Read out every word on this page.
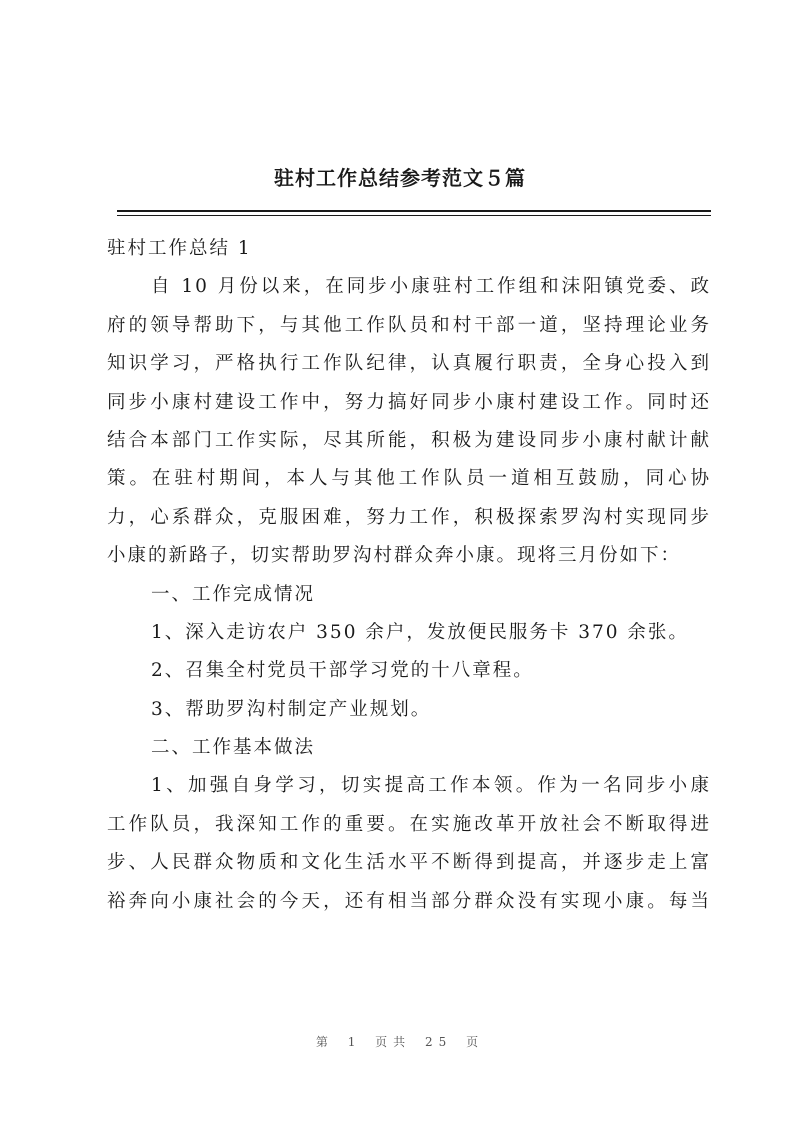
驻村工作总结参考范文５篇
驻村工作总结 1
自 10 月份以来，在同步小康驻村工作组和沫阳镇党委、政
府的领导帮助下，与其他工作队员和村干部一道，坚持理论业务
知识学习，严格执行工作队纪律，认真履行职责，全身心投入到
同步小康村建设工作中，努力搞好同步小康村建设工作。同时还
结合本部门工作实际，尽其所能，积极为建设同步小康村献计献
策。在驻村期间，本人与其他工作队员一道相互鼓励，同心协
力，心系群众，克服困难，努力工作，积极探索罗沟村实现同步
小康的新路子，切实帮助罗沟村群众奔小康。现将三月份如下：
一、工作完成情况
1、深入走访农户 350 余户，发放便民服务卡 370 余张。
2、召集全村党员干部学习党的十八章程。
3、帮助罗沟村制定产业规划。
二、工作基本做法
1、加强自身学习，切实提高工作本领。作为一名同步小康
工作队员，我深知工作的重要。在实施改革开放社会不断取得进
步、人民群众物质和文化生活水平不断得到提高，并逐步走上富
裕奔向小康社会的今天，还有相当部分群众没有实现小康。每当
第 1 页共 25 页
